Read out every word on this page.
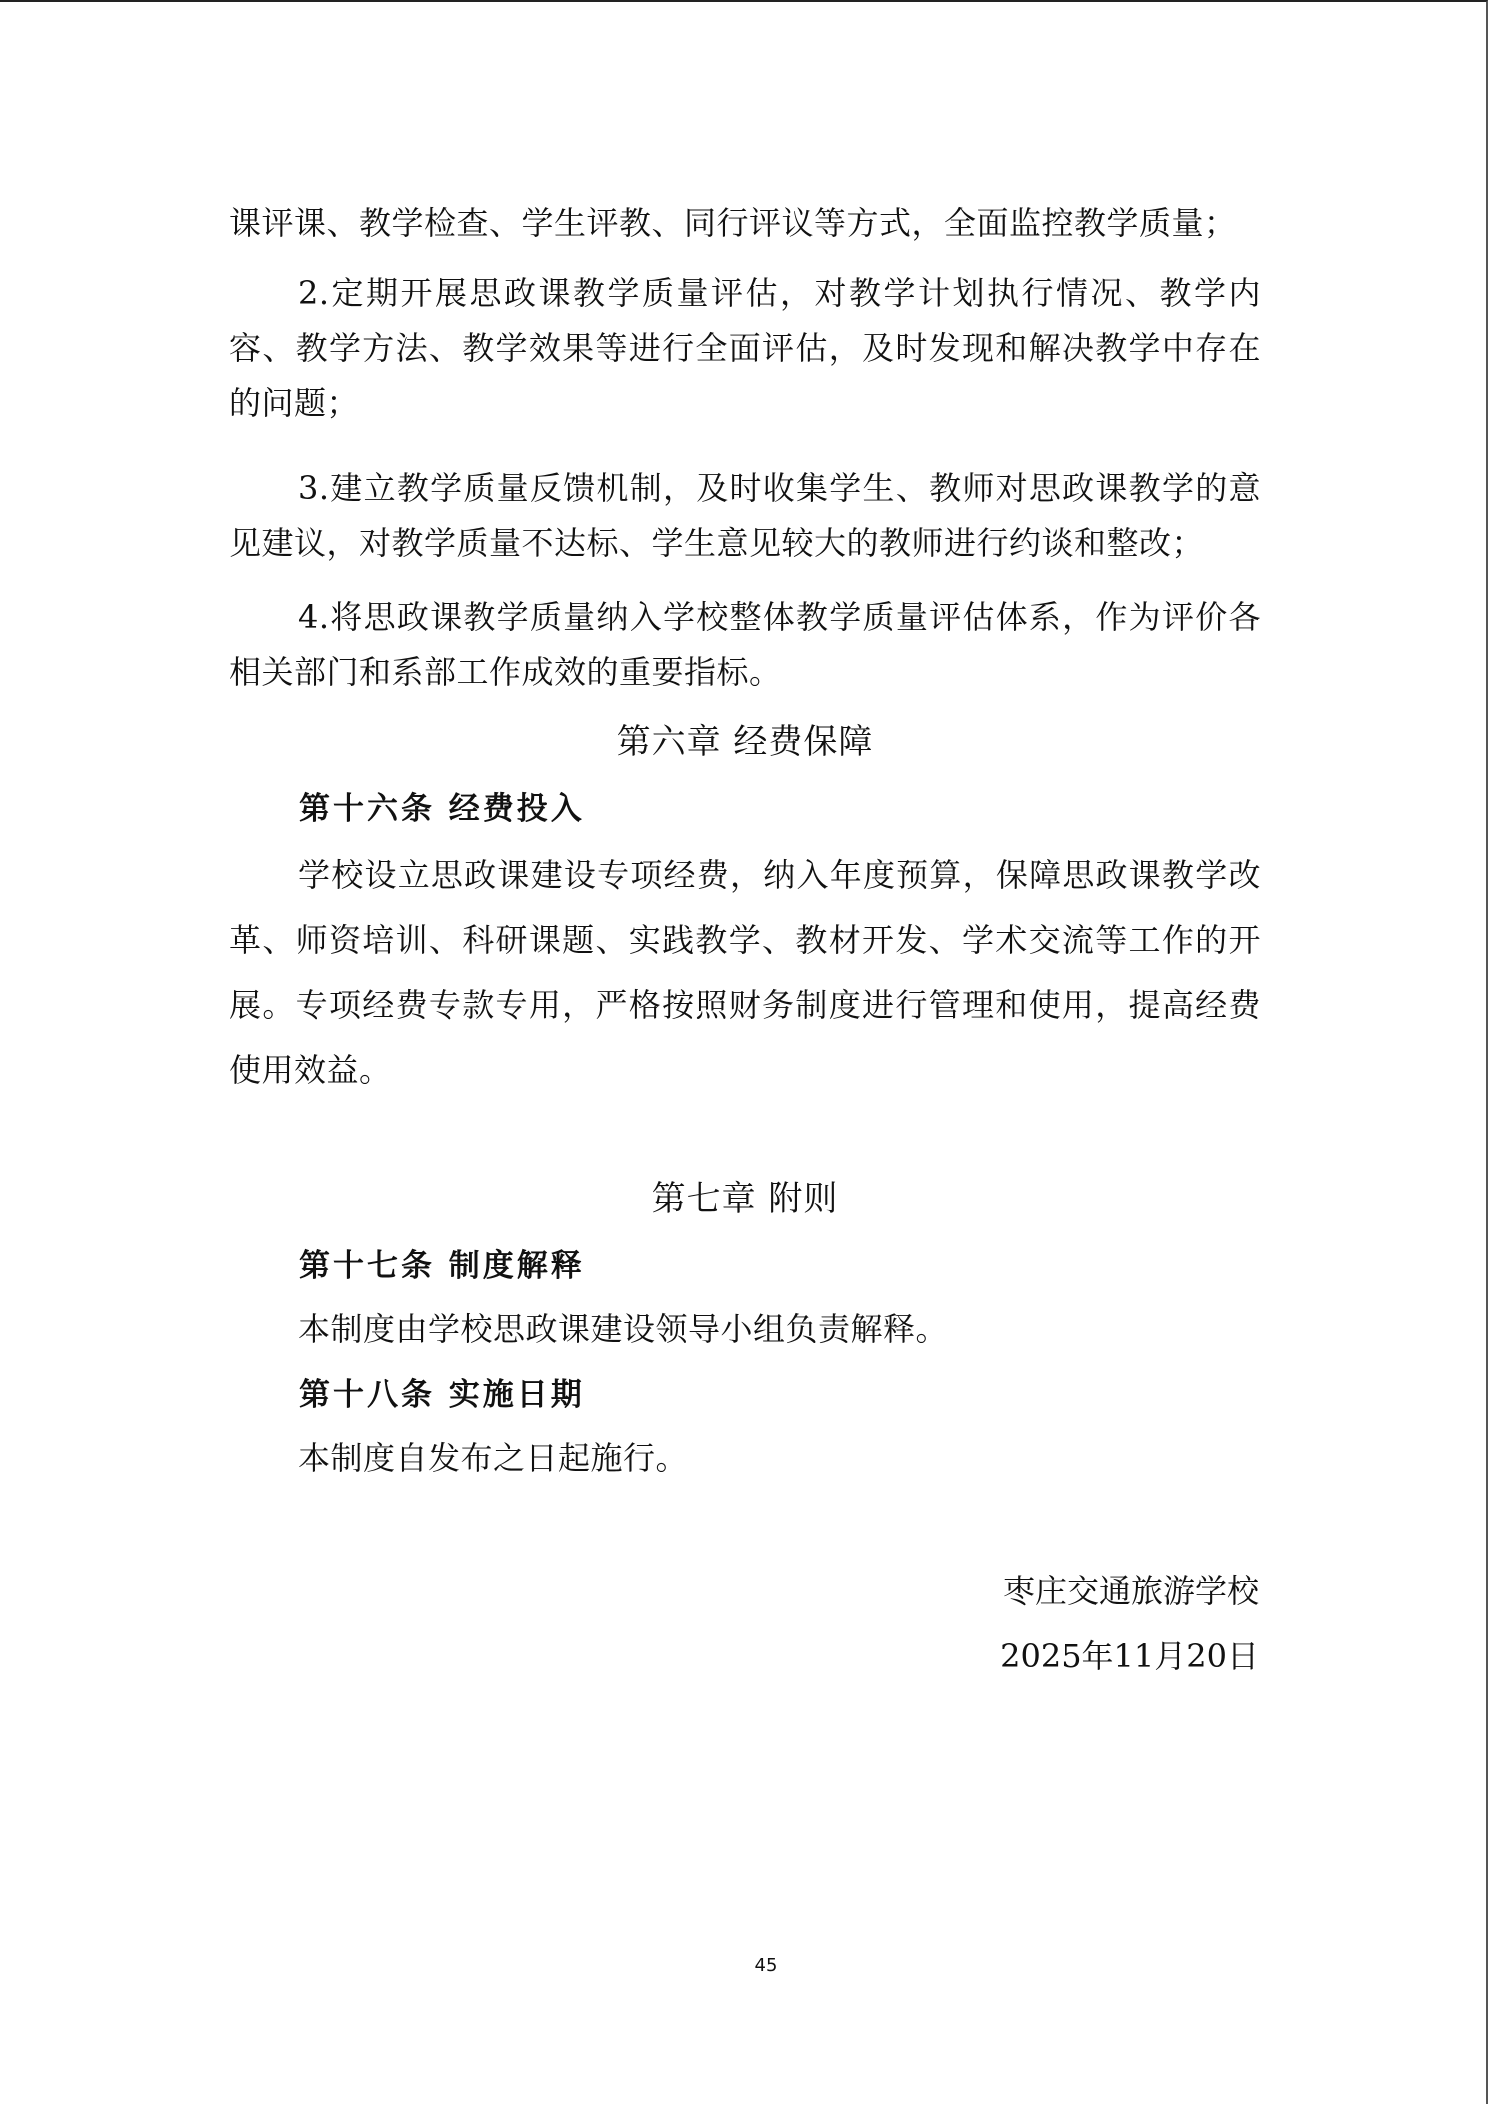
课评课、教学检查、学生评教、同行评议等方式，全面监控教学质量；
2.定期开展思政课教学质量评估，对教学计划执行情况、教学内容、教学方法、教学效果等进行全面评估，及时发现和解决教学中存在的问题；
3.建立教学质量反馈机制，及时收集学生、教师对思政课教学的意见建议，对教学质量不达标、学生意见较大的教师进行约谈和整改；
4.将思政课教学质量纳入学校整体教学质量评估体系，作为评价各相关部门和系部工作成效的重要指标。
第六章 经费保障
第十六条 经费投入
学校设立思政课建设专项经费，纳入年度预算，保障思政课教学改革、师资培训、科研课题、实践教学、教材开发、学术交流等工作的开展。专项经费专款专用，严格按照财务制度进行管理和使用，提高经费使用效益。
第七章 附则
第十七条 制度解释
本制度由学校思政课建设领导小组负责解释。
第十八条 实施日期
本制度自发布之日起施行。
枣庄交通旅游学校
2025年11月20日
45
